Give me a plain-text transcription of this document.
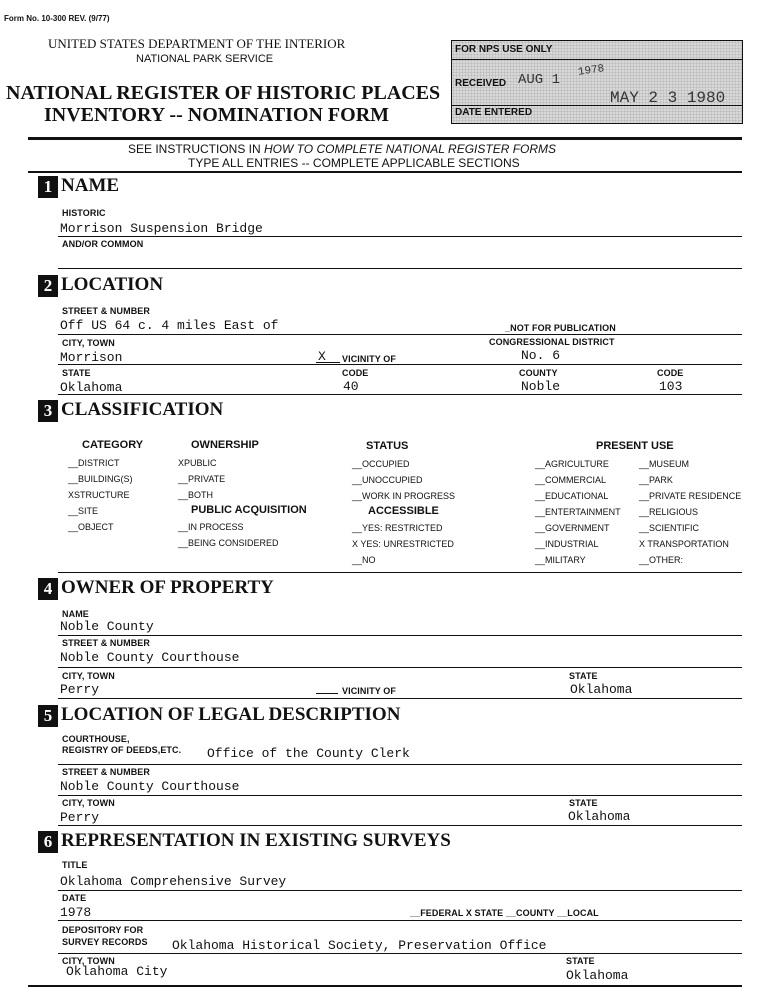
Form No. 10-300 REV. (9/77)
UNITED STATES DEPARTMENT OF THE INTERIOR
NATIONAL PARK SERVICE
NATIONAL REGISTER OF HISTORIC PLACES
INVENTORY -- NOMINATION FORM
FOR NPS USE ONLY
RECEIVED AUG 1
1978
MAY 2 3 1980
DATE ENTERED
SEE INSTRUCTIONS IN HOW TO COMPLETE NATIONAL REGISTER FORMS
TYPE ALL ENTRIES -- COMPLETE APPLICABLE SECTIONS
1 NAME
HISTORIC
Morrison Suspension Bridge
AND/OR COMMON
2 LOCATION
STREET & NUMBER
Off US 64 c. 4 miles East of	_NOT FOR PUBLICATION
CITY, TOWN	CONGRESSIONAL DISTRICT
Morrison	X VICINITY OF	No. 6
STATE	CODE	COUNTY	CODE
Oklahoma	40	Noble	103
3 CLASSIFICATION
CATEGORY
__DISTRICT
__BUILDING(S)
XSTRUCTURE
__SITE
__OBJECT
OWNERSHIP
XPUBLIC
__PRIVATE
__BOTH
PUBLIC ACQUISITION
__IN PROCESS
__BEING CONSIDERED
STATUS
__OCCUPIED
__UNOCCUPIED
__WORK IN PROGRESS
ACCESSIBLE
__YES: RESTRICTED
X YES: UNRESTRICTED
__NO
PRESENT USE
__AGRICULTURE
__COMMERCIAL
__EDUCATIONAL
__ENTERTAINMENT
__GOVERNMENT
__INDUSTRIAL
__MILITARY
__MUSEUM
__PARK
__PRIVATE RESIDENCE
__RELIGIOUS
__SCIENTIFIC
X TRANSPORTATION
__OTHER:
4 OWNER OF PROPERTY
NAME
Noble County
STREET & NUMBER
Noble County Courthouse
CITY, TOWN	STATE
Perry	VICINITY OF	Oklahoma
5 LOCATION OF LEGAL DESCRIPTION
COURTHOUSE,
REGISTRY OF DEEDS,ETC. Office of the County Clerk
STREET & NUMBER
Noble County Courthouse
CITY, TOWN	STATE
Perry	Oklahoma
6 REPRESENTATION IN EXISTING SURVEYS
TITLE
Oklahoma Comprehensive Survey
DATE
1978	__FEDERAL X STATE __COUNTY __LOCAL
DEPOSITORY FOR
SURVEY RECORDS Oklahoma Historical Society, Preservation Office
CITY, TOWN	STATE
Oklahoma City	Oklahoma
